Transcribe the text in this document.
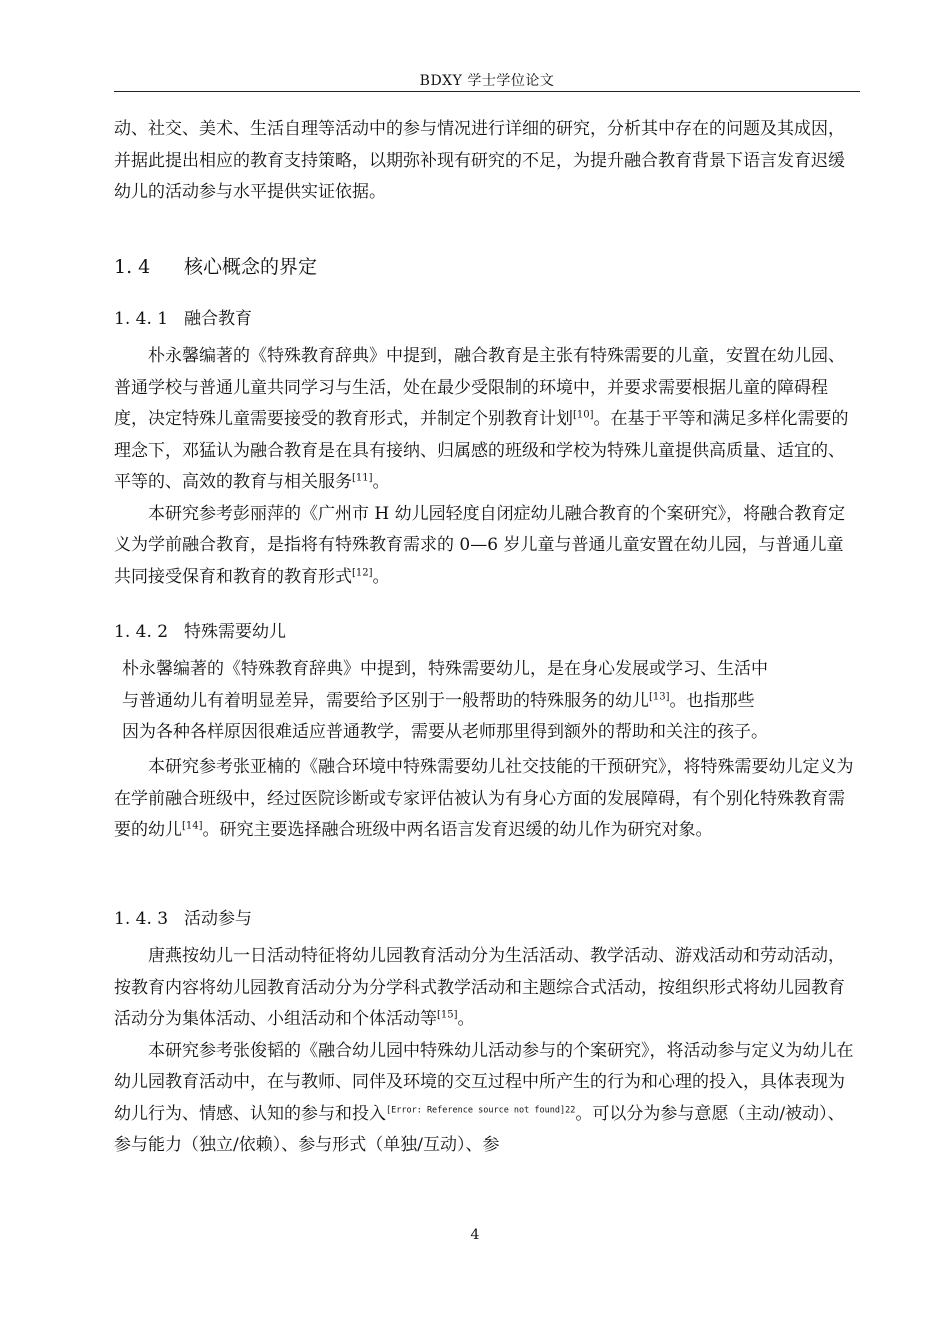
BDXY 学士学位论文

动、社交、美术、生活自理等活动中的参与情况进行详细的研究，分析其中存在的问题及其成因，并据此提出相应的教育支持策略，以期弥补现有研究的不足，为提升融合教育背景下语言发育迟缓幼儿的活动参与水平提供实证依据。

1. 4 核心概念的界定
1. 4. 1 融合教育

朴永馨编著的《特殊教育辞典》中提到，融合教育是主张有特殊需要的儿童，安置在幼儿园、普通学校与普通儿童共同学习与生活，处在最少受限制的环境中，并要求需要根据儿童的障碍程度，决定特殊儿童需要接受的教育形式，并制定个别教育计划[10]。在基于平等和满足多样化需要的理念下，邓猛认为融合教育是在具有接纳、归属感的班级和学校为特殊儿童提供高质量、适宜的、平等的、高效的教育与相关服务[11]。

本研究参考彭丽萍的《广州市 H 幼儿园轻度自闭症幼儿融合教育的个案研究》，将融合教育定义为学前融合教育，是指将有特殊教育需求的 0—6 岁儿童与普通儿童安置在幼儿园，与普通儿童共同接受保育和教育的教育形式[12]。

1. 4. 2 特殊需要幼儿
朴永馨编著的《特殊教育辞典》中提到，特殊需要幼儿，是在身心发展或学习、生活中
与普通幼儿有着明显差异，需要给予区别于一般帮助的特殊服务的幼儿[13]。也指那些
因为各种各样原因很难适应普通教学，需要从老师那里得到额外的帮助和关注的孩子。

本研究参考张亚楠的《融合环境中特殊需要幼儿社交技能的干预研究》，将特殊需要幼儿定义为在学前融合班级中，经过医院诊断或专家评估被认为有身心方面的发展障碍，有个别化特殊教育需要的幼儿[14]。研究主要选择融合班级中两名语言发育迟缓的幼儿作为研究对象。

1. 4. 3 活动参与

唐燕按幼儿一日活动特征将幼儿园教育活动分为生活活动、教学活动、游戏活动和劳动活动，按教育内容将幼儿园教育活动分为分学科式教学活动和主题综合式活动，按组织形式将幼儿园教育活动分为集体活动、小组活动和个体活动等[15]。

本研究参考张俊韬的《融合幼儿园中特殊幼儿活动参与的个案研究》，将活动参与定义为幼儿在幼儿园教育活动中，在与教师、同伴及环境的交互过程中所产生的行为和心理的投入，具体表现为幼儿行为、情感、认知的参与和投入$^{[Error: Reference source not found]22}$。可以分为参与意愿（主动/被动）、参与能力（独立/依赖）、参与形式（单独/互动）、参

4
